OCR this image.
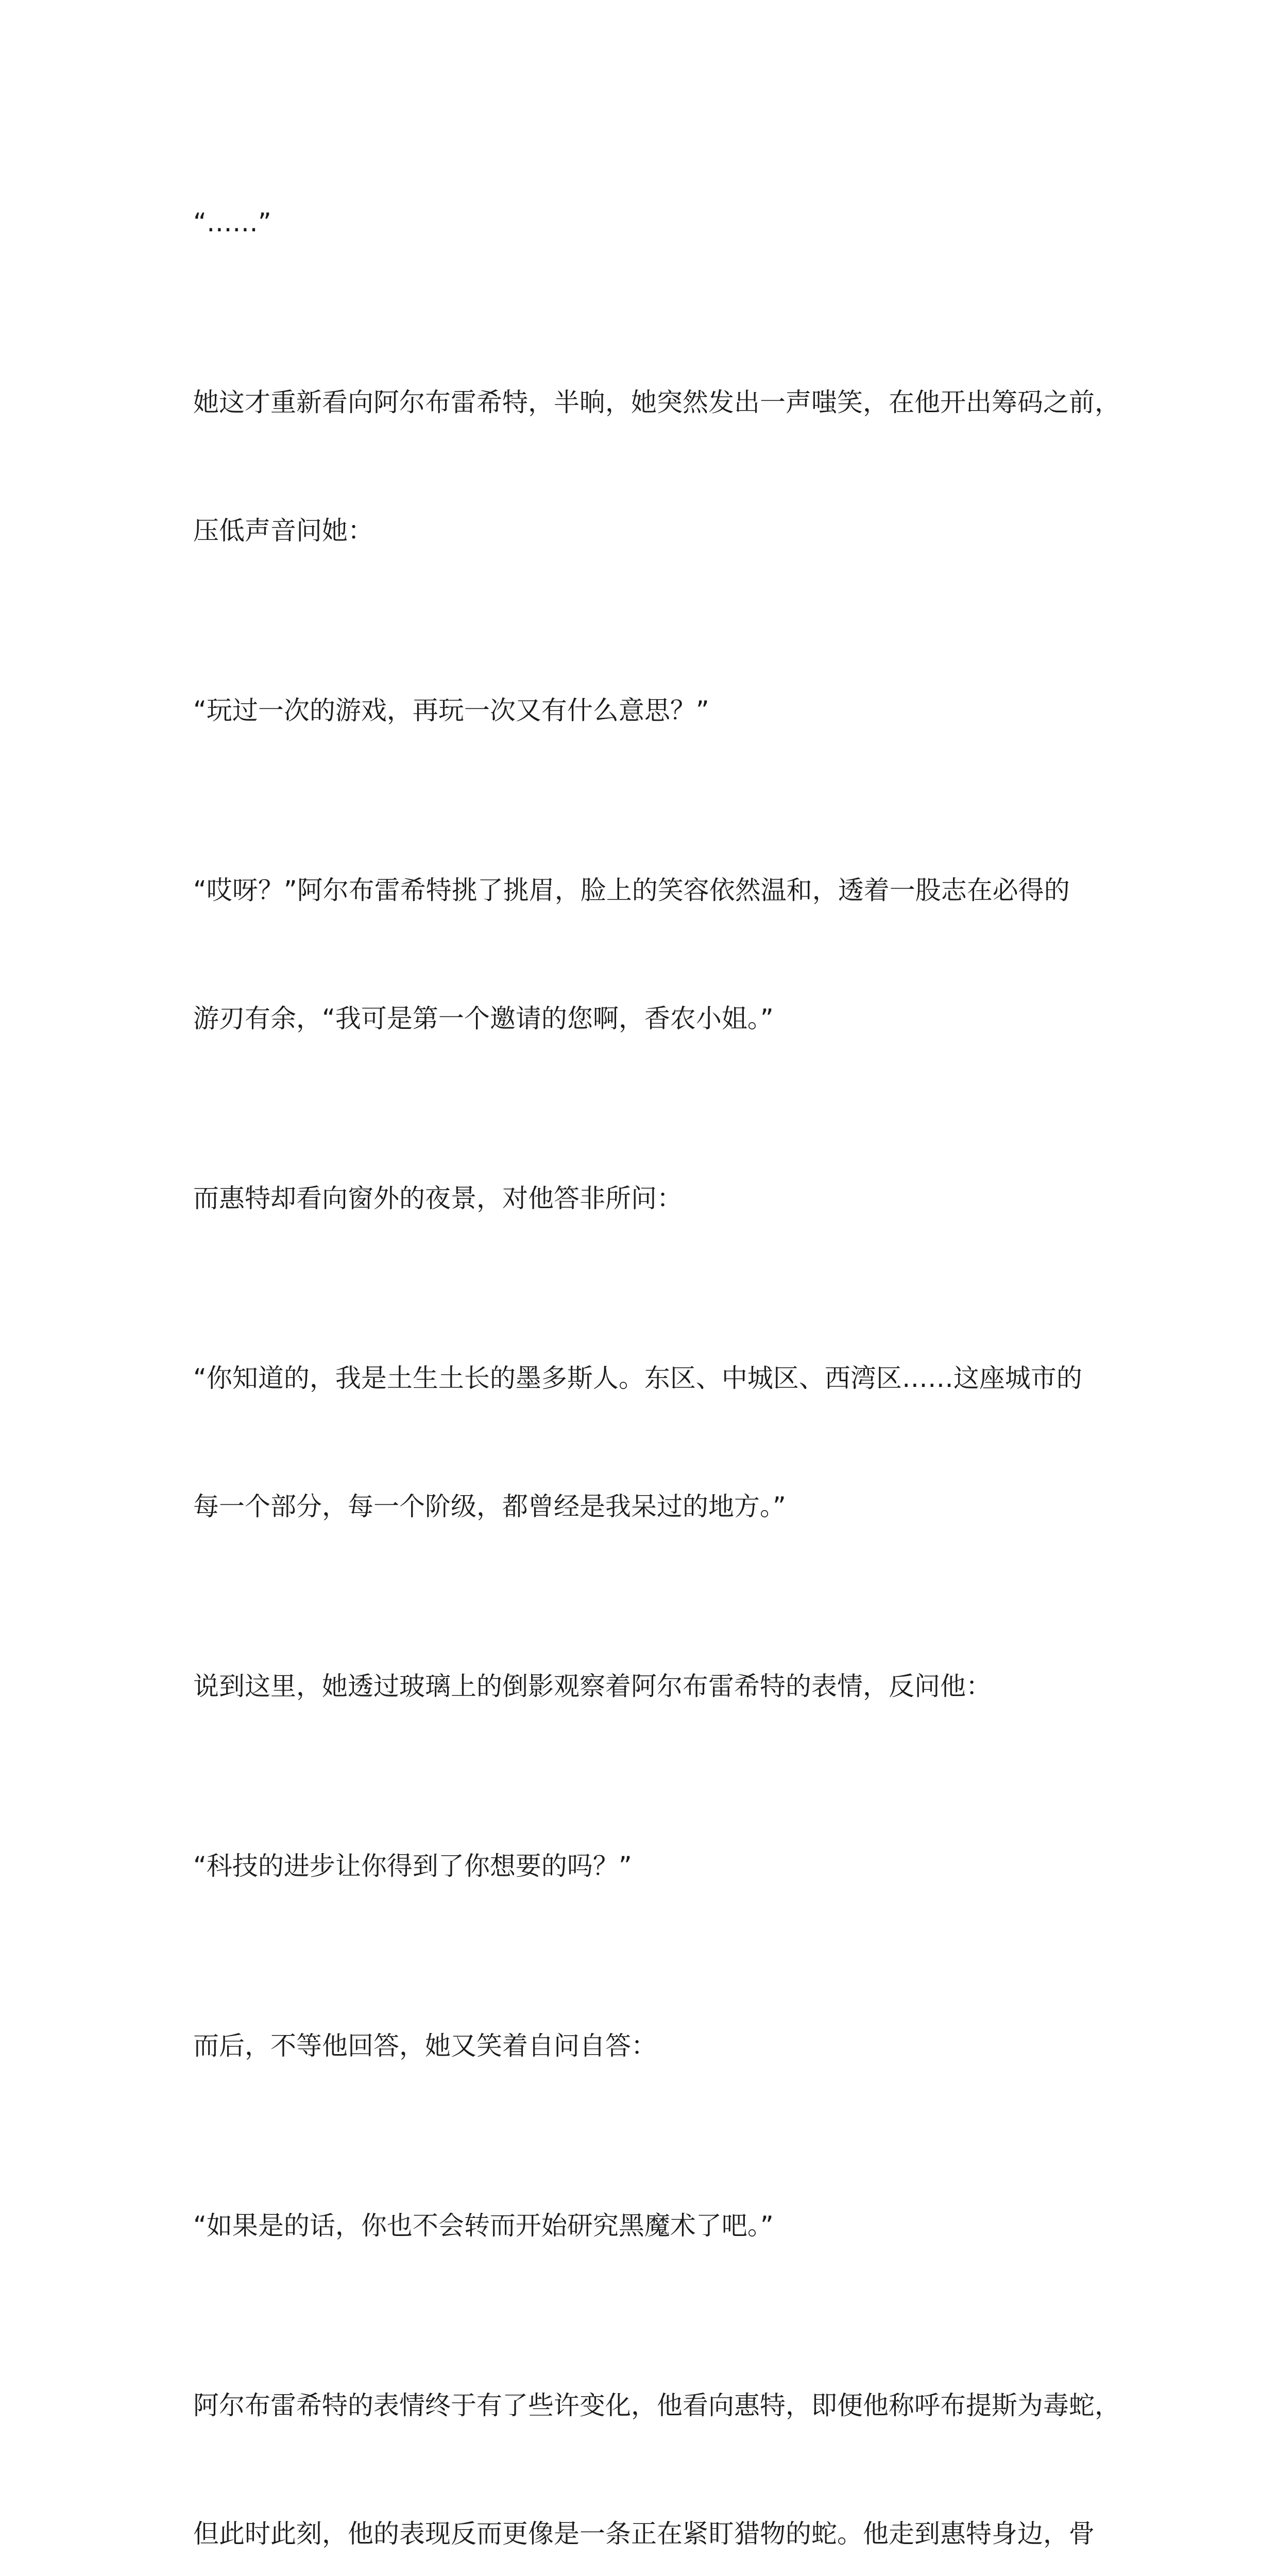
“……”

她这才重新看向阿尔布雷希特，半晌，她突然发出一声嗤笑，在他开出筹码之前，

压低声音问她：

“玩过一次的游戏，再玩一次又有什么意思？”

“哎呀？”阿尔布雷希特挑了挑眉，脸上的笑容依然温和，透着一股志在必得的

游刃有余，“我可是第一个邀请的您啊，香农小姐。”

而惠特却看向窗外的夜景，对他答非所问：

“你知道的，我是土生土长的墨多斯人。东区、中城区、西湾区……这座城市的

每一个部分，每一个阶级，都曾经是我呆过的地方。”

说到这里，她透过玻璃上的倒影观察着阿尔布雷希特的表情，反问他：

“科技的进步让你得到了你想要的吗？”

而后，不等他回答，她又笑着自问自答：

“如果是的话，你也不会转而开始研究黑魔术了吧。”

阿尔布雷希特的表情终于有了些许变化，他看向惠特，即便他称呼布提斯为毒蛇，

但此时此刻，他的表现反而更像是一条正在紧盯猎物的蛇。他走到惠特身边，骨
